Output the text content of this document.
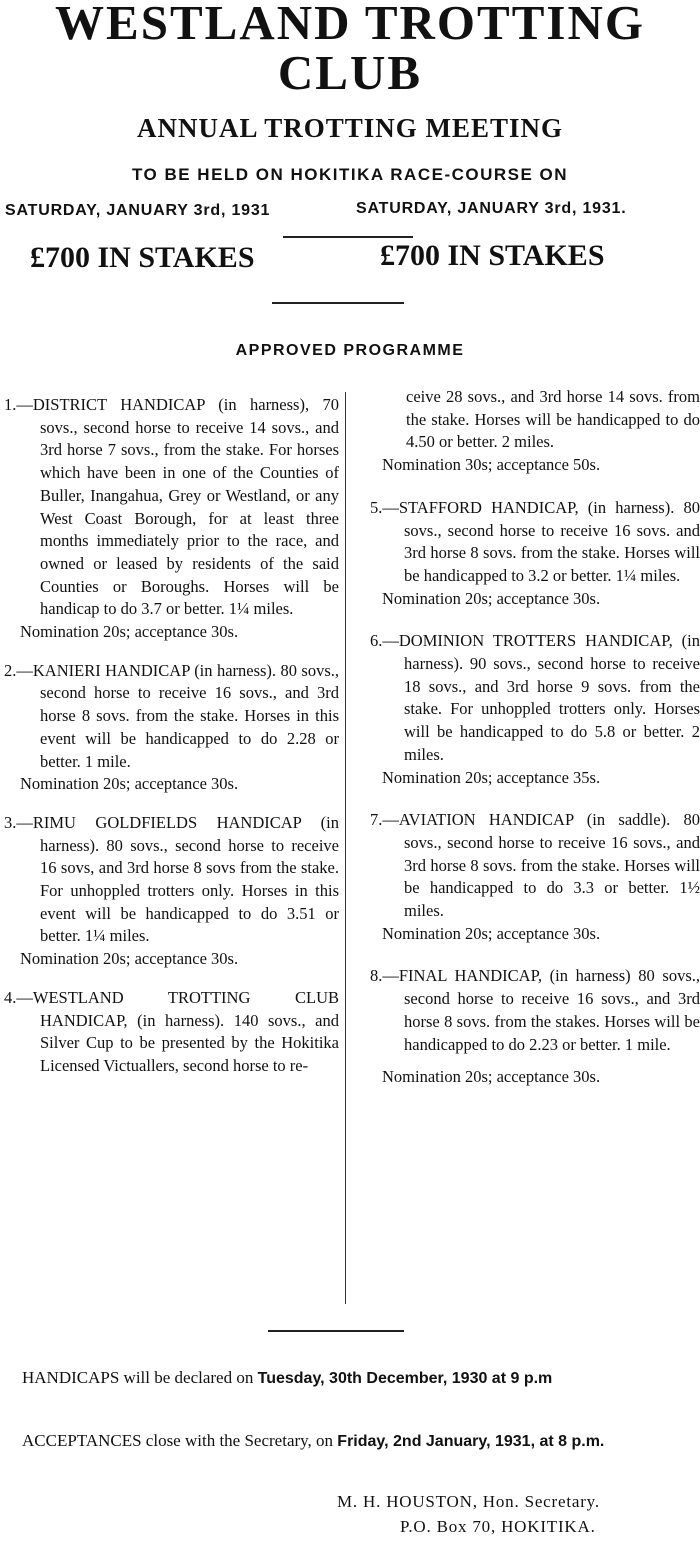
WESTLAND TROTTING
CLUB
ANNUAL TROTTING MEETING
TO BE HELD ON HOKITIKA RACE-COURSE ON
SATURDAY, JANUARY 3rd, 1931	SATURDAY, JANUARY 3rd, 1931.
£700 IN STAKES	£700 IN STAKES
APPROVED PROGRAMME
1.—DISTRICT HANDICAP (in harness), 70 sovs., second horse to receive 14 sovs., and 3rd horse 7 sovs., from the stake. For horses which have been in one of the Counties of Buller, Inangahua, Grey or Westland, or any West Coast Borough, for at least three months immediately prior to the race, and owned or leased by residents of the said Counties or Boroughs. Horses will be handicap to do 3.7 or better. 1¼ miles.
Nomination 20s; acceptance 30s.
2.—KANIERI HANDICAP (in harness). 80 sovs., second horse to receive 16 sovs., and 3rd horse 8 sovs. from the stake. Horses in this event will be handicapped to do 2.28 or better. 1 mile.
Nomination 20s; acceptance 30s.
3.—RIMU GOLDFIELDS HANDICAP (in harness). 80 sovs., second horse to receive 16 sovs, and 3rd horse 8 sovs from the stake. For unhoppled trotters only. Horses in this event will be handicapped to do 3.51 or better. 1¼ miles.
Nomination 20s; acceptance 30s.
4.—WESTLAND TROTTING CLUB HANDICAP, (in harness). 140 sovs., and Silver Cup to be presented by the Hokitika Licensed Victuallers, second horse to re-
ceive 28 sovs., and 3rd horse 14 sovs. from the stake. Horses will be handicapped to do 4.50 or better. 2 miles.
Nomination 30s; acceptance 50s.
5.—STAFFORD HANDICAP, (in harness). 80 sovs., second horse to receive 16 sovs. and 3rd horse 8 sovs. from the stake. Horses will be handicapped to 3.2 or better. 1¼ miles.
Nomination 20s; acceptance 30s.
6.—DOMINION TROTTERS HANDICAP, (in harness). 90 sovs., second horse to receive 18 sovs., and 3rd horse 9 sovs. from the stake. For unhoppled trotters only. Horses will be handicapped to do 5.8 or better. 2 miles.
Nomination 20s; acceptance 35s.
7.—AVIATION HANDICAP (in saddle). 80 sovs., second horse to receive 16 sovs., and 3rd horse 8 sovs. from the stake. Horses will be handicapped to do 3.3 or better. 1½ miles.
Nomination 20s; acceptance 30s.
8.—FINAL HANDICAP, (in harness) 80 sovs., second horse to receive 16 sovs., and 3rd horse 8 sovs. from the stakes. Horses will be handicapped to do 2.23 or better. 1 mile.
Nomination 20s; acceptance 30s.
HANDICAPS will be declared on Tuesday, 30th December, 1930 at 9 p.m
ACCEPTANCES close with the Secretary, on Friday, 2nd January, 1931, at 8 p.m.
M. H. HOUSTON, Hon. Secretary.
P.O. Box 70, HOKITIKA.
